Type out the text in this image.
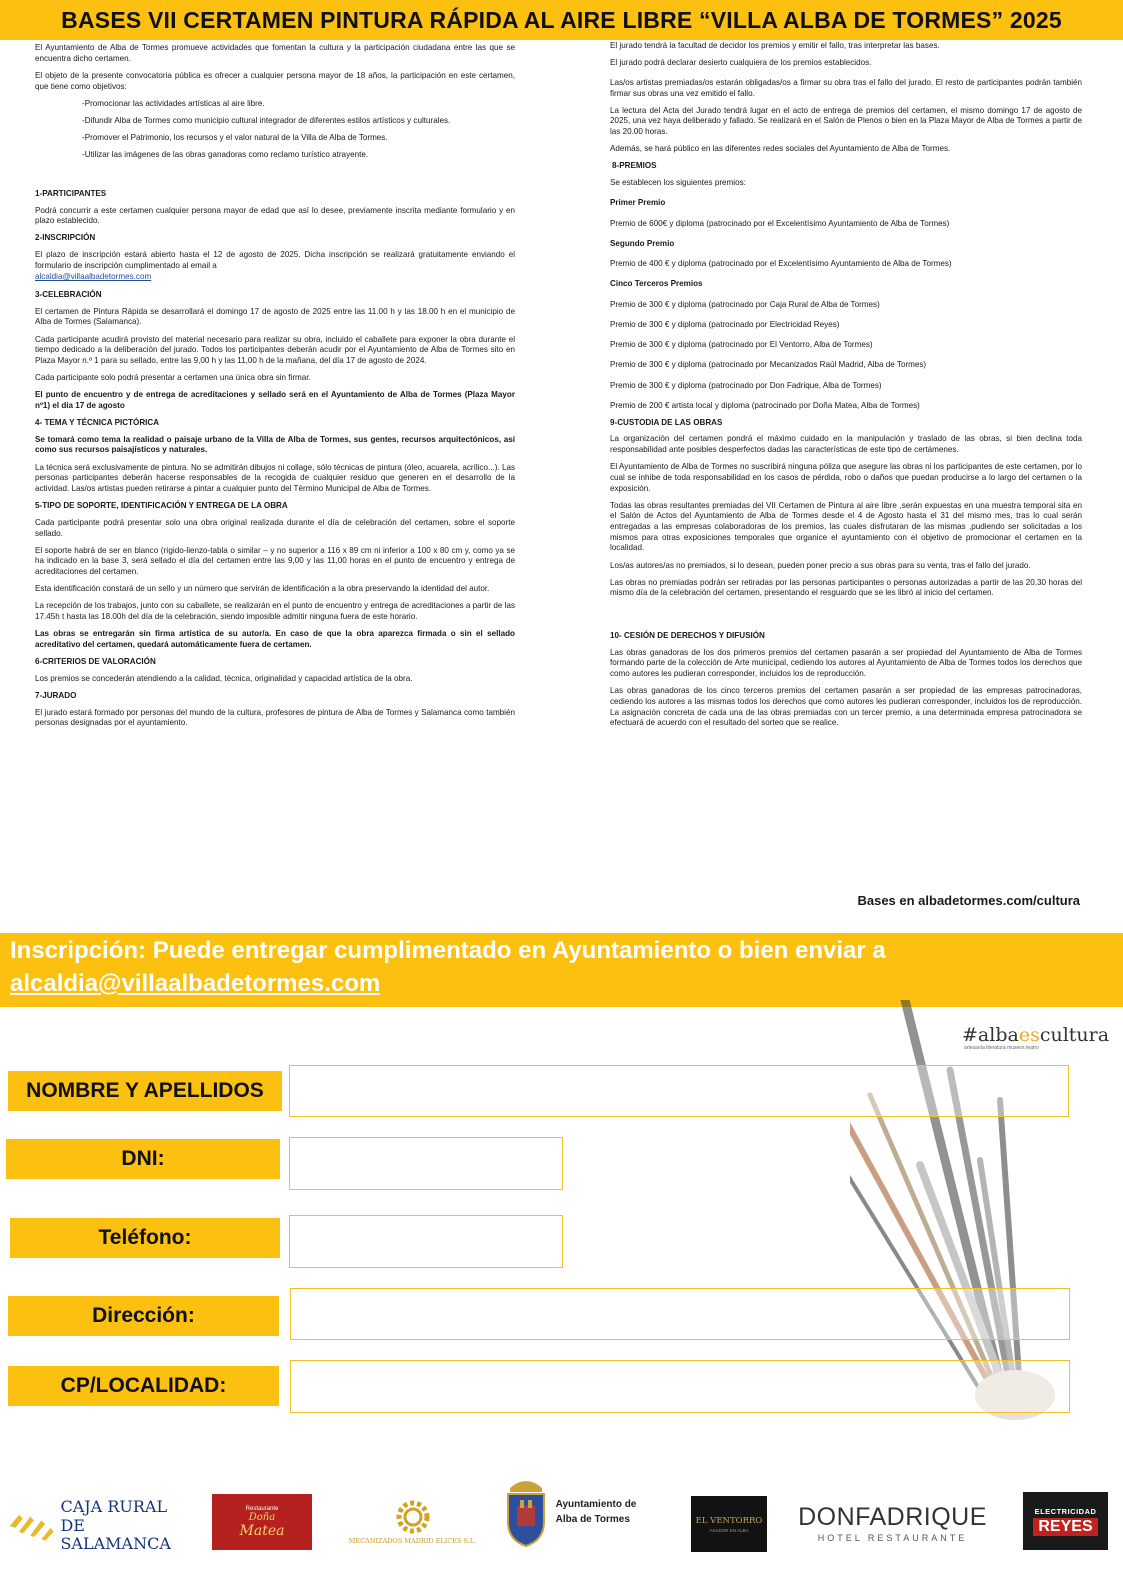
BASES VII CERTAMEN PINTURA RÁPIDA AL AIRE LIBRE “VILLA ALBA DE TORMES” 2025

El Ayuntamiento de Alba de Tormes promueve actividades que fomentan la cultura y la participación ciudadana entre las que se encuentra dicho certamen.

El objeto de la presente convocatoria pública es ofrecer a cualquier persona mayor de 18 años, la participación en este certamen, que tiene como objetivos:

-Promocionar las actividades artísticas al aire libre.

-Difundir Alba de Tormes como municipio cultural integrador de diferentes estilos artísticos y culturales.

-Promover el Patrimonio, los recursos y el valor natural de la Villa de Alba de Tormes.

-Utilizar las imágenes de las obras ganadoras como reclamo turístico atrayente.

1-PARTICIPANTES

Podrá concurrir a este certamen cualquier persona mayor de edad que así lo desee, previamente inscrita mediante formulario y en plazo establecido.

2-INSCRIPCIÓN

El plazo de inscripción estará abierto hasta el 12 de agosto de 2025. Dicha inscripción se realizará gratuitamente enviando el formulario de inscripción cumplimentado al email a

alcaldia@villaalbadetormes.com

3-CELEBRACIÓN

El certamen de Pintura Rápida se desarrollará el domingo 17 de agosto de 2025 entre las 11.00 h y las 18.00 h en el municipio de Alba de Tormes (Salamanca).

Cada participante acudirá provisto del material necesario para realizar su obra, incluido el caballete para exponer la obra durante el tiempo dedicado a la deliberación del jurado. Todos los participantes deberán acudir por el Ayuntamiento de Alba de Tormes sito en Plaza Mayor n.º 1 para su sellado, entre las 9,00 h y las 11,00 h de la mañana, del día 17 de agosto de 2024.

Cada participante solo podrá presentar a certamen una única obra sin firmar.

El punto de encuentro y de entrega de acreditaciones y sellado será en el Ayuntamiento de Alba de Tormes (Plaza Mayor nº1) el día 17 de agosto

4- TEMA Y TÉCNICA PICTÓRICA

Se tomará como tema la realidad o paisaje urbano de la Villa de Alba de Tormes, sus gentes, recursos arquitectónicos, así como sus recursos paisajísticos y naturales.

La técnica será exclusivamente de pintura. No se admitirán dibujos ni collage, sólo técnicas de pintura (óleo, acuarela, acrílico...). Las personas participantes deberán hacerse responsables de la recogida de cualquier residuo que generen en el desarrollo de la actividad. Las/os artistas pueden retirarse a pintar a cualquier punto del Término Municipal de Alba de Tormes.

5-TIPO DE SOPORTE, IDENTIFICACIÓN Y ENTREGA DE LA OBRA

Cada participante podrá presentar solo una obra original realizada durante el día de celebración del certamen, sobre el soporte sellado.

El soporte habrá de ser en blanco (rígido-lienzo-tabla o similar – y no superior a 116 x 89 cm ni inferior a 100 x 80 cm y, como ya se ha indicado en la base 3, será sellado el día del certamen entre las 9,00 y las 11,00 horas en el punto de encuentro y entrega de acreditaciones del certamen.

Esta identificación constará de un sello y un número que servirán de identificación a la obra preservando la identidad del autor.

La recepción de los trabajos, junto con su caballete, se realizarán en el punto de encuentro y entrega de acreditaciones a partir de las 17.45h t hasta las 18.00h del día de la celebración, siendo imposible admitir ninguna fuera de este horario.

Las obras se entregarán sin firma artística de su autor/a. En caso de que la obra aparezca firmada o sin el sellado acreditativo del certamen, quedará automáticamente fuera de certamen.

6-CRITERIOS DE VALORACIÓN

Los premios se concederán atendiendo a la calidad, técnica, originalidad y capacidad artística de la obra.

7-JURADO

El jurado estará formado por personas del mundo de la cultura, profesores de pintura de Alba de Tormes y Salamanca como también personas designadas por el ayuntamiento.

El jurado tendrá la facultad de decidor los premios y emitir el fallo, tras interpretar las bases.

El jurado podrá declarar desierto cualquiera de los premios establecidos.

Las/os artistas premiadas/os estarán obligadas/os a firmar su obra tras el fallo del jurado. El resto de participantes podrán también firmar sus obras una vez emitido el fallo.

La lectura del Acta del Jurado tendrá lugar en el acto de entrega de premios del certamen, el mismo domingo 17 de agosto de 2025, una vez haya deliberado y fallado. Se realizará en el Salón de Plenos o bien en la Plaza Mayor de Alba de Tormes a partir de las 20.00 horas.

Además, se hará público en las diferentes redes sociales del Ayuntamiento de Alba de Tormes.

8-PREMIOS

Se establecen los siguientes premios:

Primer Premio

Premio de 600€ y diploma (patrocinado por el Excelentísimo Ayuntamiento de Alba de Tormes)

Segundo Premio

Premio de 400 € y diploma (patrocinado por el Excelentísimo Ayuntamiento de Alba de Tormes)

Cinco Terceros Premios

Premio de 300 € y diploma (patrocinado por Caja Rural de Alba de Tormes)

Premio de 300 € y diploma (patrocinado por Electricidad Reyes)

Premio de 300 € y diploma (patrocinado por El Ventorro, Alba de Tormes)

Premio de 300 € y diploma (patrocinado por Mecanizados Raúl Madrid, Alba de Tormes)

Premio de 300 € y diploma (patrocinado por Don Fadrique, Alba de Tormes)

Premio de 200 € artista local y diploma (patrocinado por Doña Matea, Alba de Tormes)

9-CUSTODIA DE LAS OBRAS

La organización del certamen pondrá el máximo cuidado en la manipulación y traslado de las obras, si bien declina toda responsabilidad ante posibles desperfectos dadas las características de este tipo de certámenes.

El Ayuntamiento de Alba de Tormes no suscribirá ninguna póliza que asegure las obras ni los participantes de este certamen, por lo cual se inhibe de toda responsabilidad en los casos de pérdida, robo o daños que puedan producirse a lo largo del certamen o la exposición.

Todas las obras resultantes premiadas del VII Certamen de Pintura al aire libre ,serán expuestas en una muestra temporal sita en el Salón de Actos del Ayuntamiento de Alba de Tormes desde el 4 de Agosto hasta el 31 del mismo mes, tras lo cual serán entregadas a las empresas colaboradoras de los premios, las cuales disfrutaran de las mismas ,pudiendo ser solicitadas a los mismos para otras exposiciones temporales que organice el ayuntamiento con el objetivo de promocionar el certamen en la localidad.

Los/as autores/as no premiados, si lo desean, pueden poner precio a sus obras para su venta, tras el fallo del jurado.

Las obras no premiadas podrán ser retiradas por las personas participantes o personas autorizadas a partir de las 20.30 horas del mismo día de la celebración del certamen, presentando el resguardo que se les libró al inicio del certamen.

10- CESIÓN DE DERECHOS Y DIFUSIÓN

Las obras ganadoras de los dos primeros premios del certamen pasarán a ser propiedad del Ayuntamiento de Alba de Tormes formando parte de la colección de Arte municipal, cediendo los autores al Ayuntamiento de Alba de Tormes todos los derechos que como autores les pudieran corresponder, incluidos los de reproducción.

Las obras ganadoras de los cinco terceros premios del certamen pasarán a ser propiedad de las empresas patrocinadoras, cediendo los autores a las mismas todos los derechos que como autores les pudieran corresponder, incluidos los de reproducción. La asignación concreta de cada una de las obras premiadas con un tercer premio, a una determinada empresa patrocinadora se efectuará de acuerdo con el resultado del sorteo que se realice.

Bases en albadetormes.com/cultura
Inscripción: Puede entregar cumplimentado en Ayuntamiento o bien enviar a
alcaldia@villaalbadetormes.com
#albaescultura
artesanía literatura museos teatro
NOMBRE Y APELLIDOS
DNI:
Teléfono:
Dirección:
CP/LOCALIDAD:
CAJA RURAL
DE SALAMANCA
Restaurante
Doña
Matea
MECANIZADOS MADRID ELICES S.L.
Ayuntamiento de
Alba de Tormes	EL VENTORRO
ASADOR EN ALBA DONFADRIQUE
HOTEL RESTAURANTE
ELECTRICIDAD
REYES
